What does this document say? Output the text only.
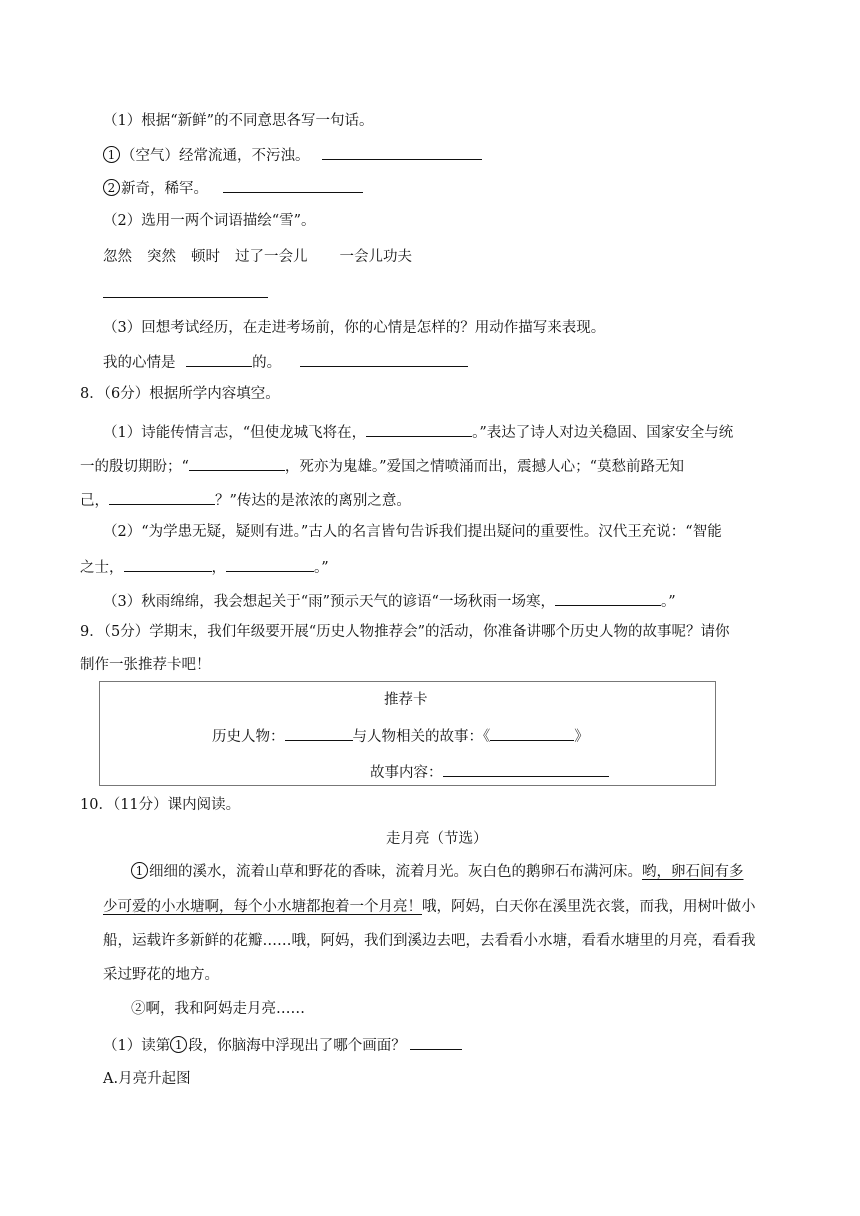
（1）根据“新鲜”的不同意思各写一句话。
1 （空气）经常流通，不污浊。
2 新奇，稀罕。
（2）选用一两个词语描绘“雪”。
忽然 突然 顿时 过了一会儿 一会儿功夫
（3）回想考试经历，在走进考场前，你的心情是怎样的？用动作描写来表现。
我的心情是	的。
8．（6分）根据所学内容填空。
（1）诗能传情言志，“但使龙城飞将在，	。”表达了诗人对边关稳固、国家安全与统
一的殷切期盼；“	，死亦为鬼雄。”爱国之情喷涌而出，震撼人心；“莫愁前路无知
己，	？”传达的是浓浓的离别之意。
（2）“为学患无疑，疑则有进。”古人的名言皆句告诉我们提出疑问的重要性。汉代王充说：“智能
之士，	，	。”
（3）秋雨绵绵，我会想起关于“雨”预示天气的谚语“一场秋雨一场寒，	。”
9．（5分）学期末，我们年级要开展“历史人物推荐会”的活动，你准备讲哪个历史人物的故事呢？请你
制作一张推荐卡吧！
推荐卡
历史人物：	与人物相关的故事：《	》
故事内容：
10．（11分）课内阅读。
走月亮（节选）
1 细细的溪水，流着山草和野花的香味，流着月光。灰白色的鹅卵石布满河床。哟，卵石间有多
少可爱的小水塘啊，每个小水塘都抱着一个月亮！哦，阿妈，白天你在溪里洗衣裳，而我，用树叶做小
船，运载许多新鲜的花瓣……哦，阿妈，我们到溪边去吧，去看看小水塘，看看水塘里的月亮，看看我
采过野花的地方。
②啊，我和阿妈走月亮……
（1）读第 1 段，你脑海中浮现出了哪个画面？
A.月亮升起图
